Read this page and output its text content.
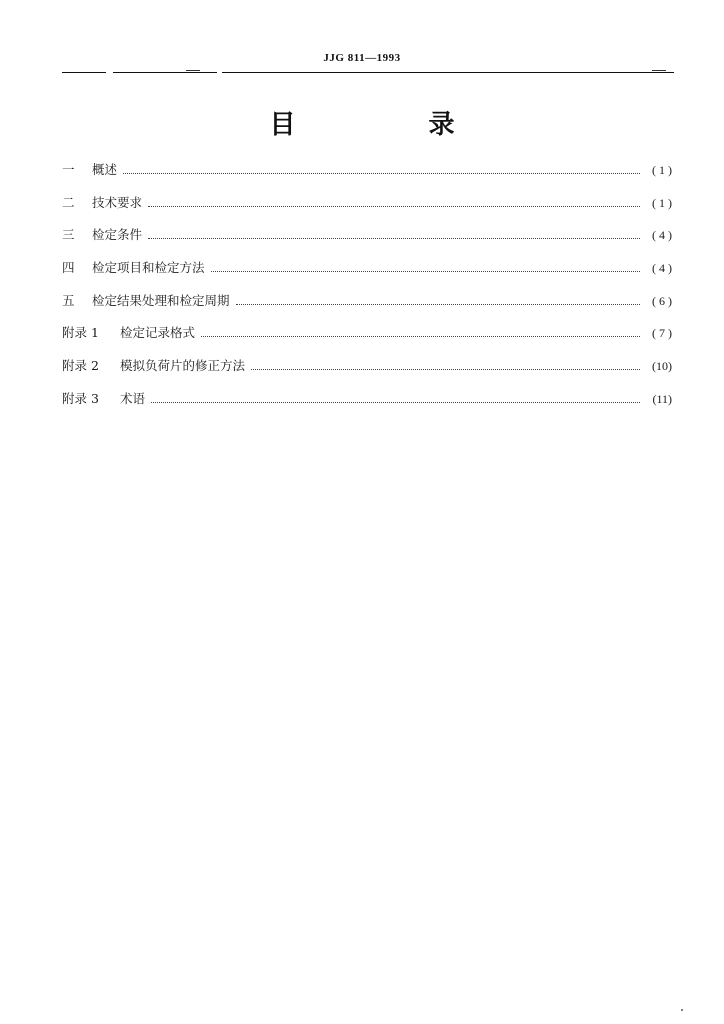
JJG 811—1993
目 录
一	概述	( 1 )
二	技术要求	( 1 )
三	检定条件	( 4 )
四	检定项目和检定方法	( 4 )
五	检定结果处理和检定周期	( 6 )
附录 1	检定记录格式	( 7 )
附录 2	模拟负荷片的修正方法	(10)
附录 3	术语	(11)
